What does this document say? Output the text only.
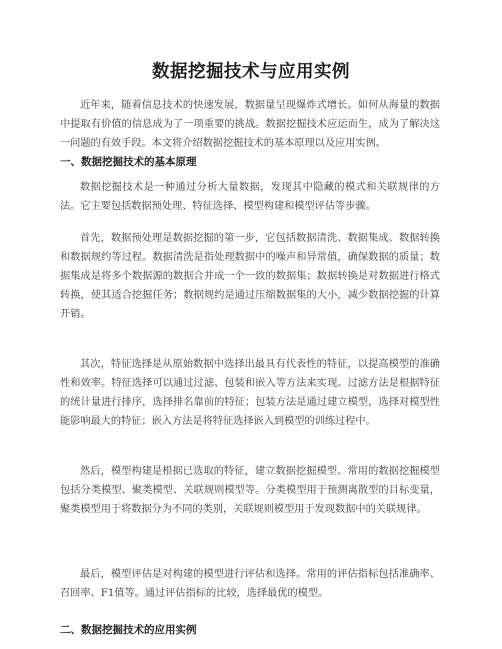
数据挖掘技术与应用实例

近年来，随着信息技术的快速发展，数据量呈现爆炸式增长。如何从海量的数据中提取有价值的信息成为了一项重要的挑战。数据挖掘技术应运而生，成为了解决这一问题的有效手段。本文将介绍数据挖掘技术的基本原理以及应用实例。

一、数据挖掘技术的基本原理

数据挖掘技术是一种通过分析大量数据，发现其中隐藏的模式和关联规律的方法。它主要包括数据预处理、特征选择、模型构建和模型评估等步骤。

首先，数据预处理是数据挖掘的第一步，它包括数据清洗、数据集成、数据转换和数据规约等过程。数据清洗是指处理数据中的噪声和异常值，确保数据的质量；数据集成是将多个数据源的数据合并成一个一致的数据集；数据转换是对数据进行格式转换，使其适合挖掘任务；数据规约是通过压缩数据集的大小，减少数据挖掘的计算开销。

其次，特征选择是从原始数据中选择出最具有代表性的特征，以提高模型的准确性和效率。特征选择可以通过过滤、包装和嵌入等方法来实现。过滤方法是根据特征的统计量进行排序，选择排名靠前的特征；包装方法是通过建立模型，选择对模型性能影响最大的特征；嵌入方法是将特征选择嵌入到模型的训练过程中。

然后，模型构建是根据已选取的特征，建立数据挖掘模型。常用的数据挖掘模型包括分类模型、聚类模型、关联规则模型等。分类模型用于预测离散型的目标变量，聚类模型用于将数据分为不同的类别，关联规则模型用于发现数据中的关联规律。

最后，模型评估是对构建的模型进行评估和选择。常用的评估指标包括准确率、召回率、F1值等。通过评估指标的比较，选择最优的模型。

二、数据挖掘技术的应用实例
